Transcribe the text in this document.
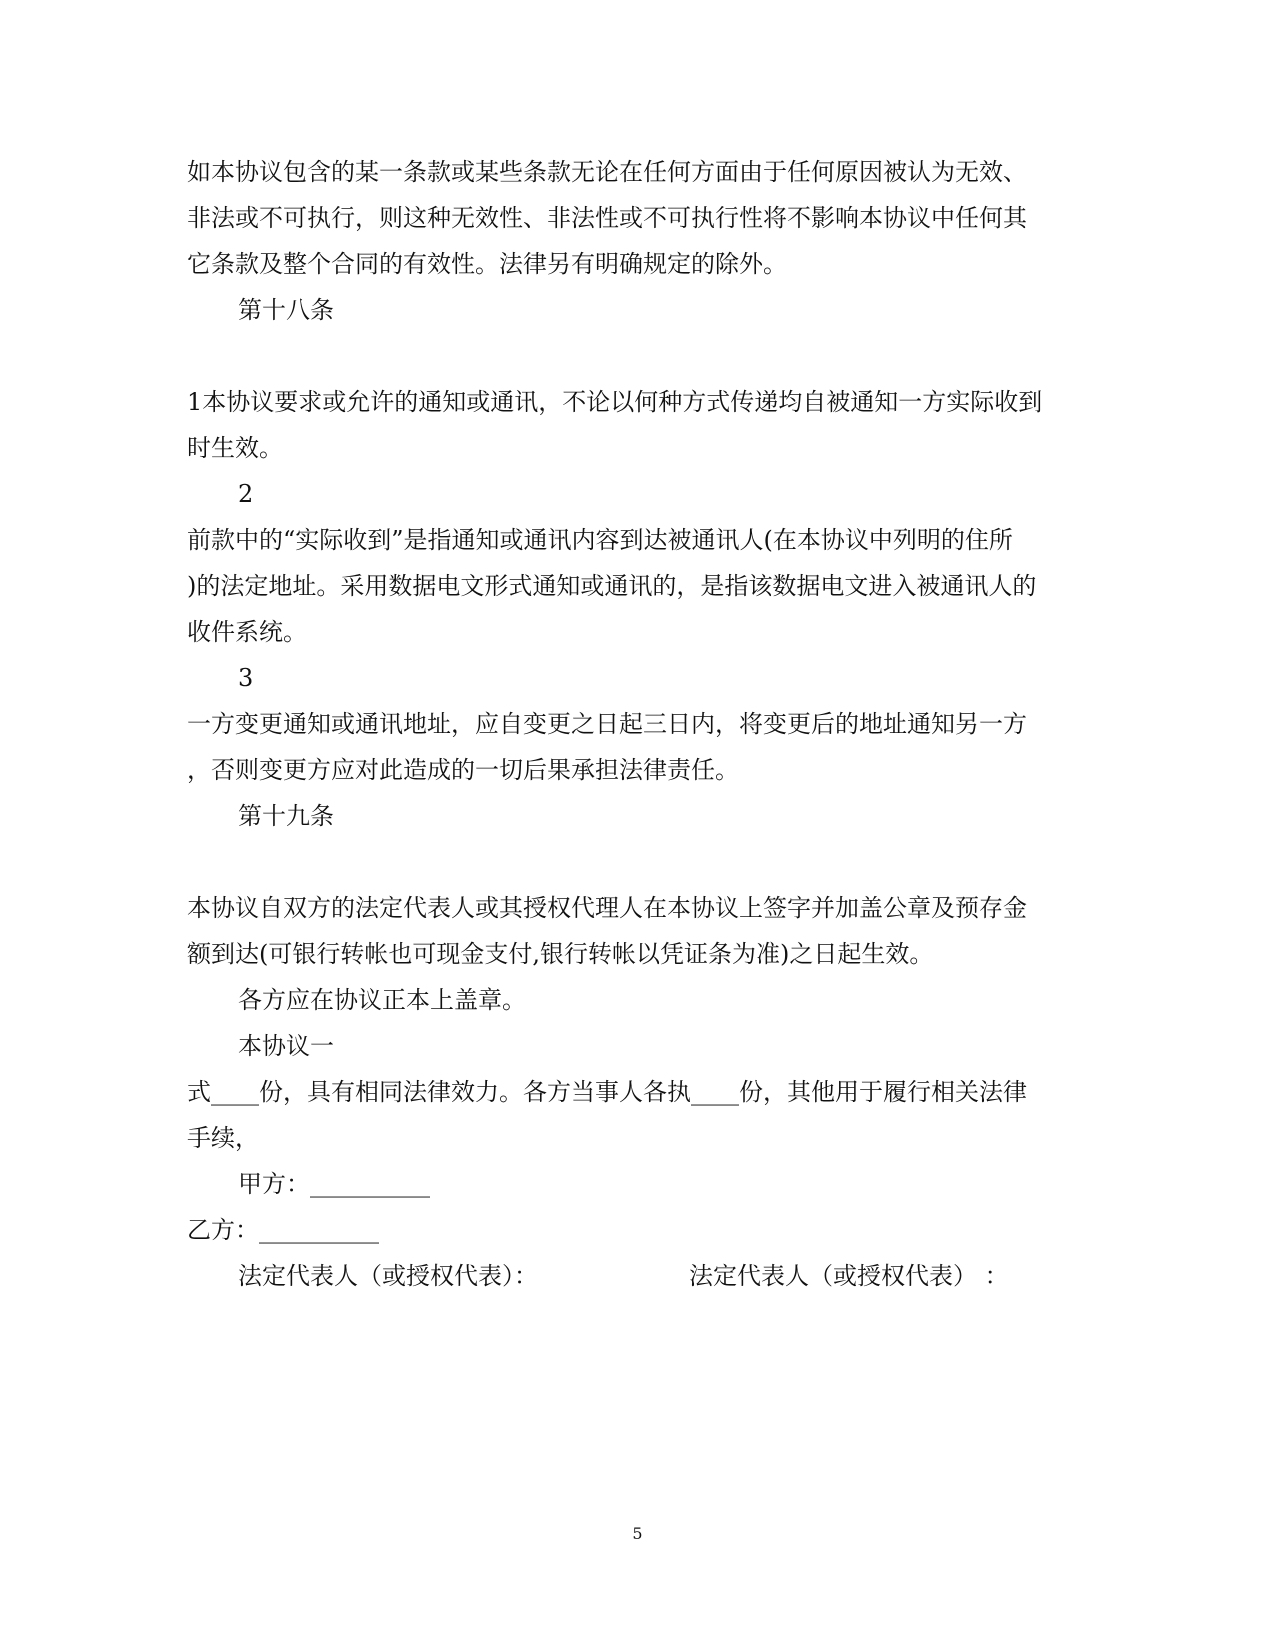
如本协议包含的某一条款或某些条款无论在任何方面由于任何原因被认为无效、
非法或不可执行，则这种无效性、非法性或不可执行性将不影响本协议中任何其
它条款及整个合同的有效性。法律另有明确规定的除外。
第十八条
1本协议要求或允许的通知或通讯，不论以何种方式传递均自被通知一方实际收到
时生效。
2
前款中的“实际收到”是指通知或通讯内容到达被通讯人(在本协议中列明的住所
)的法定地址。采用数据电文形式通知或通讯的，是指该数据电文进入被通讯人的
收件系统。
3
一方变更通知或通讯地址，应自变更之日起三日内，将变更后的地址通知另一方
，否则变更方应对此造成的一切后果承担法律责任。
第十九条
本协议自双方的法定代表人或其授权代理人在本协议上签字并加盖公章及预存金
额到达(可银行转帐也可现金支付,银行转帐以凭证条为准)之日起生效。
各方应在协议正本上盖章。
本协议一
式____份，具有相同法律效力。各方当事人各执____份，其他用于履行相关法律
手续，
甲方：__________
乙方：__________
法定代表人（或授权代表）：	法定代表人（或授权代表） ：
5
